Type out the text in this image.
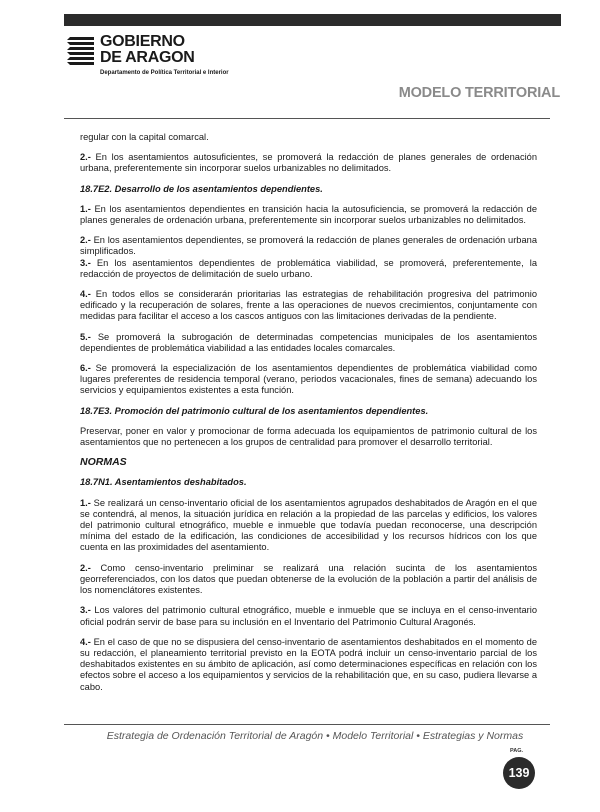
GOBIERNO
DE ARAGON
Departamento de Política Territorial e Interior
MODELO TERRITORIAL

regular con la capital comarcal.

2.- En los asentamientos autosuficientes, se promoverá la redacción de planes generales de ordenación urbana, preferentemente sin incorporar suelos urbanizables no delimitados.

18.7E2. Desarrollo de los asentamientos dependientes.

1.- En los asentamientos dependientes en transición hacia la autosuficiencia, se promoverá la redacción de planes generales de ordenación urbana, preferentemente sin incorporar suelos urbanizables no delimitados.

2.- En los asentamientos dependientes, se promoverá la redacción de planes generales de ordenación urbana simplificados.

3.- En los asentamientos dependientes de problemática viabilidad, se promoverá, preferentemente, la redacción de proyectos de delimitación de suelo urbano.

4.- En todos ellos se considerarán prioritarias las estrategias de rehabilitación progresiva del patrimonio edificado y la recuperación de solares, frente a las operaciones de nuevos crecimientos, conjuntamente con medidas para facilitar el acceso a los cascos antiguos con las limitaciones derivadas de la pendiente.

5.- Se promoverá la subrogación de determinadas competencias municipales de los asentamientos dependientes de problemática viabilidad a las entidades locales comarcales.

6.- Se promoverá la especialización de los asentamientos dependientes de problemática viabilidad como lugares preferentes de residencia temporal (verano, periodos vacacionales, fines de semana) adecuando los servicios y equipamientos existentes a esta función.

18.7E3. Promoción del patrimonio cultural de los asentamientos dependientes.

Preservar, poner en valor y promocionar de forma adecuada los equipamientos de patrimonio cultural de los asentamientos que no pertenecen a los grupos de centralidad para promover el desarrollo territorial.

NORMAS

18.7N1. Asentamientos deshabitados.

1.- Se realizará un censo-inventario oficial de los asentamientos agrupados deshabitados de Aragón en el que se contendrá, al menos, la situación jurídica en relación a la propiedad de las parcelas y edificios, los valores del patrimonio cultural etnográfico, mueble e inmueble que todavía puedan reconocerse, una descripción mínima del estado de la edificación, las condiciones de accesibilidad y los recursos hídricos con los que cuenta en las proximidades del asentamiento.

2.- Como censo-inventario preliminar se realizará una relación sucinta de los asentamientos georreferenciados, con los datos que puedan obtenerse de la evolución de la población a partir del análisis de los nomenclátores existentes.

3.- Los valores del patrimonio cultural etnográfico, mueble e inmueble que se incluya en el censo-inventario oficial podrán servir de base para su inclusión en el Inventario del Patrimonio Cultural Aragonés.

4.- En el caso de que no se dispusiera del censo-inventario de asentamientos deshabitados en el momento de su redacción, el planeamiento territorial previsto en la EOTA podrá incluir un censo-inventario parcial de los deshabitados existentes en su ámbito de aplicación, así como determinaciones específicas en relación con los efectos sobre el acceso a los equipamientos y servicios de la rehabilitación que, en su caso, pudiera llevarse a cabo.

Estrategia de Ordenación Territorial de Aragón • Modelo Territorial • Estrategias y Normas
PAG.
139
